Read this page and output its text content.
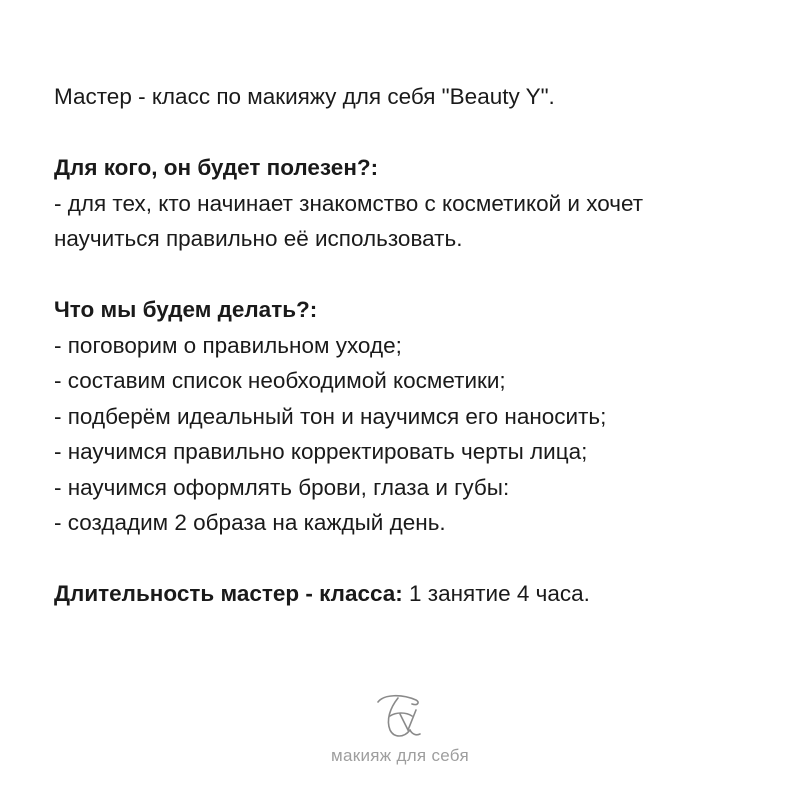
Мастер - класс по макияжу для себя "Beauty Y".

Для кого, он будет полезен?:

- для тех, кто начинает знакомство с косметикой и хочет

научиться правильно её использовать.

Что мы будем делать?:

- поговорим о правильном уходе;

- составим список необходимой косметики;

- подберём идеальный тон и научимся его наносить;

- научимся правильно корректировать черты лица;

- научимся оформлять брови, глаза и губы:

- создадим 2 образа на каждый день.

Длительность мастер - класса: 1 занятие 4 часа.

макияж для себя
